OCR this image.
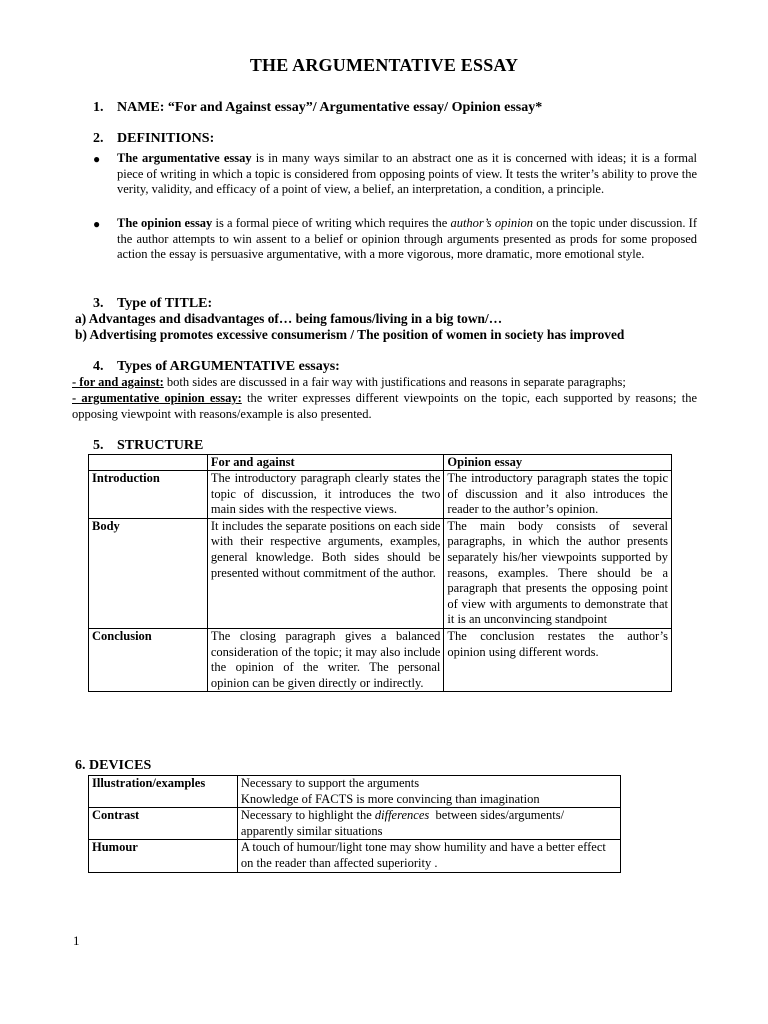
THE ARGUMENTATIVE ESSAY
1. NAME: “For and Against essay”/ Argumentative essay/ Opinion essay*
2. DEFINITIONS:
● The argumentative essay is in many ways similar to an abstract one as it is concerned with ideas; it is a formal piece of writing in which a topic is considered from opposing points of view. It tests the writer’s ability to prove the verity, validity, and efficacy of a point of view, a belief, an interpretation, a condition, a principle.
● The opinion essay is a formal piece of writing which requires the author’s opinion on the topic under discussion. If the author attempts to win assent to a belief or opinion through arguments presented as prods for some proposed action the essay is persuasive argumentative, with a more vigorous, more dramatic, more emotional style.
3. Type of TITLE:
a) Advantages and disadvantages of… being famous/living in a big town/…
b) Advertising promotes excessive consumerism / The position of women in society has improved
4. Types of ARGUMENTATIVE essays:
- for and against: both sides are discussed in a fair way with justifications and reasons in separate paragraphs;
- argumentative opinion essay: the writer expresses different viewpoints on the topic, each supported by reasons; the opposing viewpoint with reasons/example is also presented.
5. STRUCTURE
	For and against	Opinion essay
Introduction	The introductory paragraph clearly states the topic of discussion, it introduces the two main sides with the respective views.	The introductory paragraph states the topic of discussion and it also introduces the reader to the author’s opinion.
Body	It includes the separate positions on each side with their respective arguments, examples, general knowledge. Both sides should be presented without commitment of the author.	The main body consists of several paragraphs, in which the author presents separately his/her viewpoints supported by reasons, examples. There should be a paragraph that presents the opposing point of view with arguments to demonstrate that it is an unconvincing standpoint
Conclusion	The closing paragraph gives a balanced consideration of the topic; it may also include the opinion of the writer. The personal opinion can be given directly or indirectly.	The conclusion restates the author’s opinion using different words.
6. DEVICES
Illustration/examples	Necessary to support the arguments
Knowledge of FACTS is more convincing than imagination

Contrast	Necessary to highlight the differences  between sides/arguments/
apparently similar situations

Humour	A touch of humour/light tone may show humility and have a better effect on the reader than affected superiority .
1
